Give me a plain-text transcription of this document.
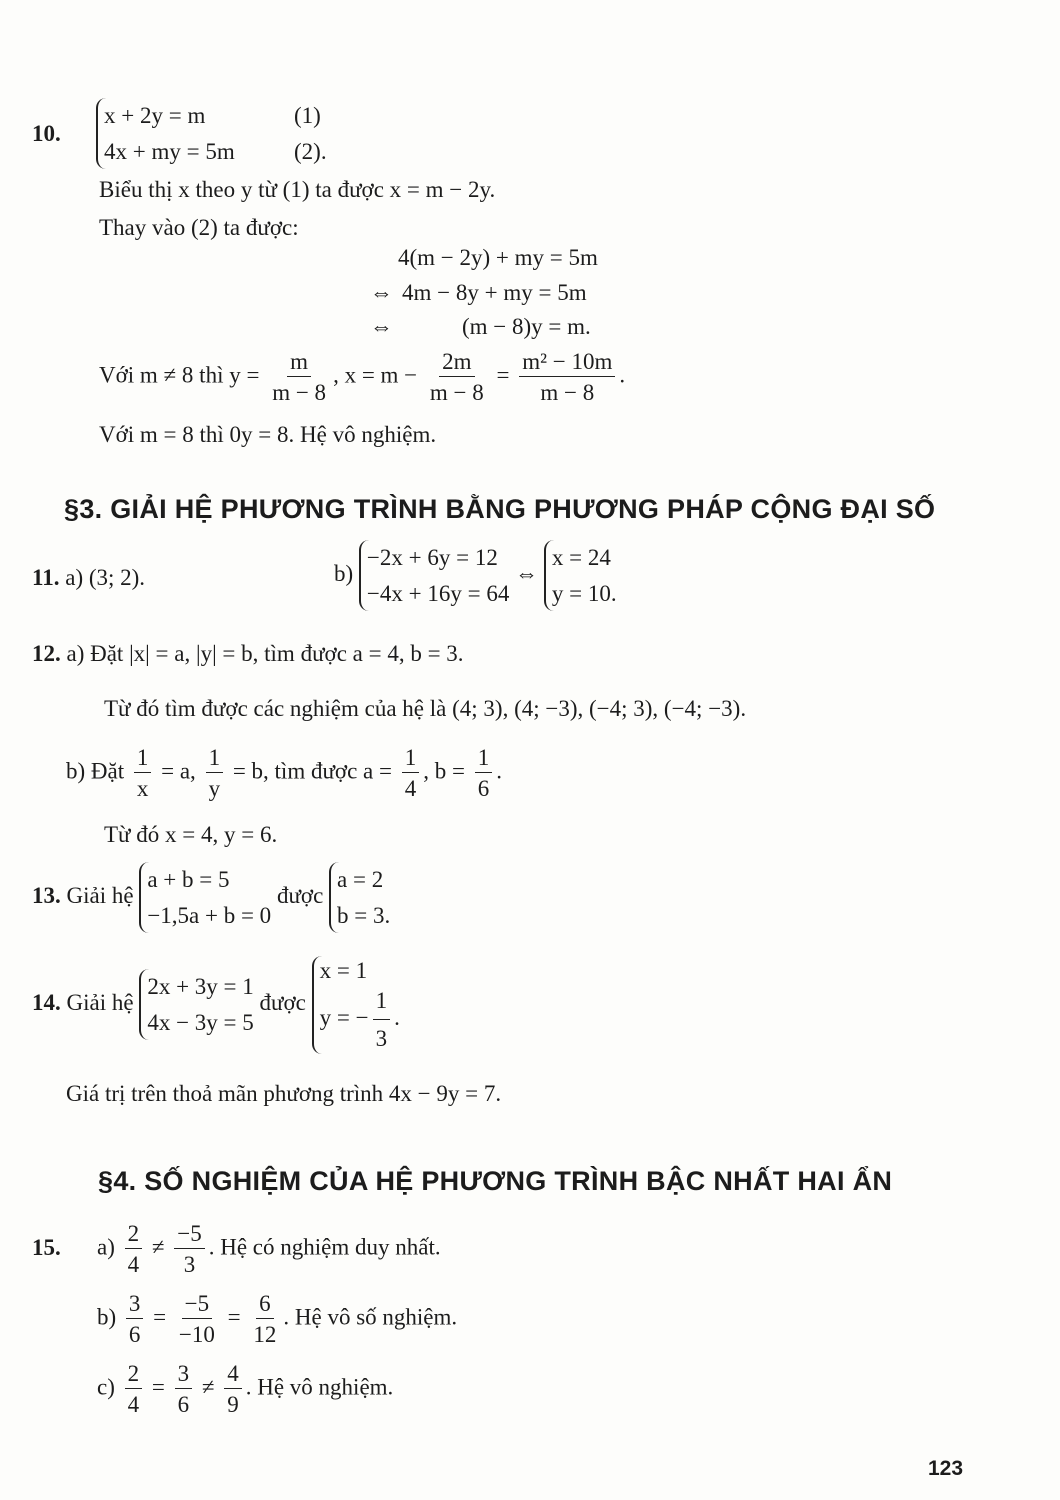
10.
x + 2y = m	(1)

4x + my = 5m	(2).
Biểu thị x theo y từ (1) ta được x = m − 2y.
Thay vào (2) ta được:
4(m − 2y) + my = 5m
⇔ 4m − 8y + my = 5m
⇔	(m − 8)y = m.
Với m ≠ 8 thì $y = \frac{m}{m - 8}$ , $x = m - \frac{2m}{m - 8} = \frac{\text{m² − 10m}}{m - 8}$ .
Với m = 8 thì 0y = 8. Hệ vô nghiệm.
§3. GIẢI HỆ PHƯƠNG TRÌNH BẰNG PHƯƠNG PHÁP CỘNG ĐẠI SỐ
11. a) (3; 2).	b) −2x + 6y = 12
−4x + 16y = 64 ⇔ x = 24
y = 10.
12. a) Đặt |x| = a, |y| = b, tìm được a = 4, b = 3.
Từ đó tìm được các nghiệm của hệ là (4; 3), (4; −3), (−4; 3), (−4; −3).
b) Đặt $\frac{1}{x} = a$, $\frac{1}{y} = b$, tìm được $a = \frac{1}{4}$ , $b = \frac{1}{6}$ .
Từ đó x = 4, y = 6.
13. Giải hệ a + b = 5
−1,5a + b = 0 được a = 2
b = 3.
14. Giải hệ 2x + 3y = 1
4x − 3y = 5 được x = 1
y = − $\frac{1}{3}$ .
Giá trị trên thoả mãn phương trình 4x − 9y = 7.
§4. SỐ NGHIỆM CỦA HỆ PHƯƠNG TRÌNH BẬC NHẤT HAI ẨN
15. $a) \frac{2}{4} \ne \frac{-5}{3}$ . Hệ có nghiệm duy nhất.
$b) \frac{3}{6} = \frac{-5}{-10} = \frac{6}{12}$ . Hệ vô số nghiệm.
$c) \frac{2}{4} = \frac{3}{6} \ne \frac{4}{9}$ . Hệ vô nghiệm.
123
